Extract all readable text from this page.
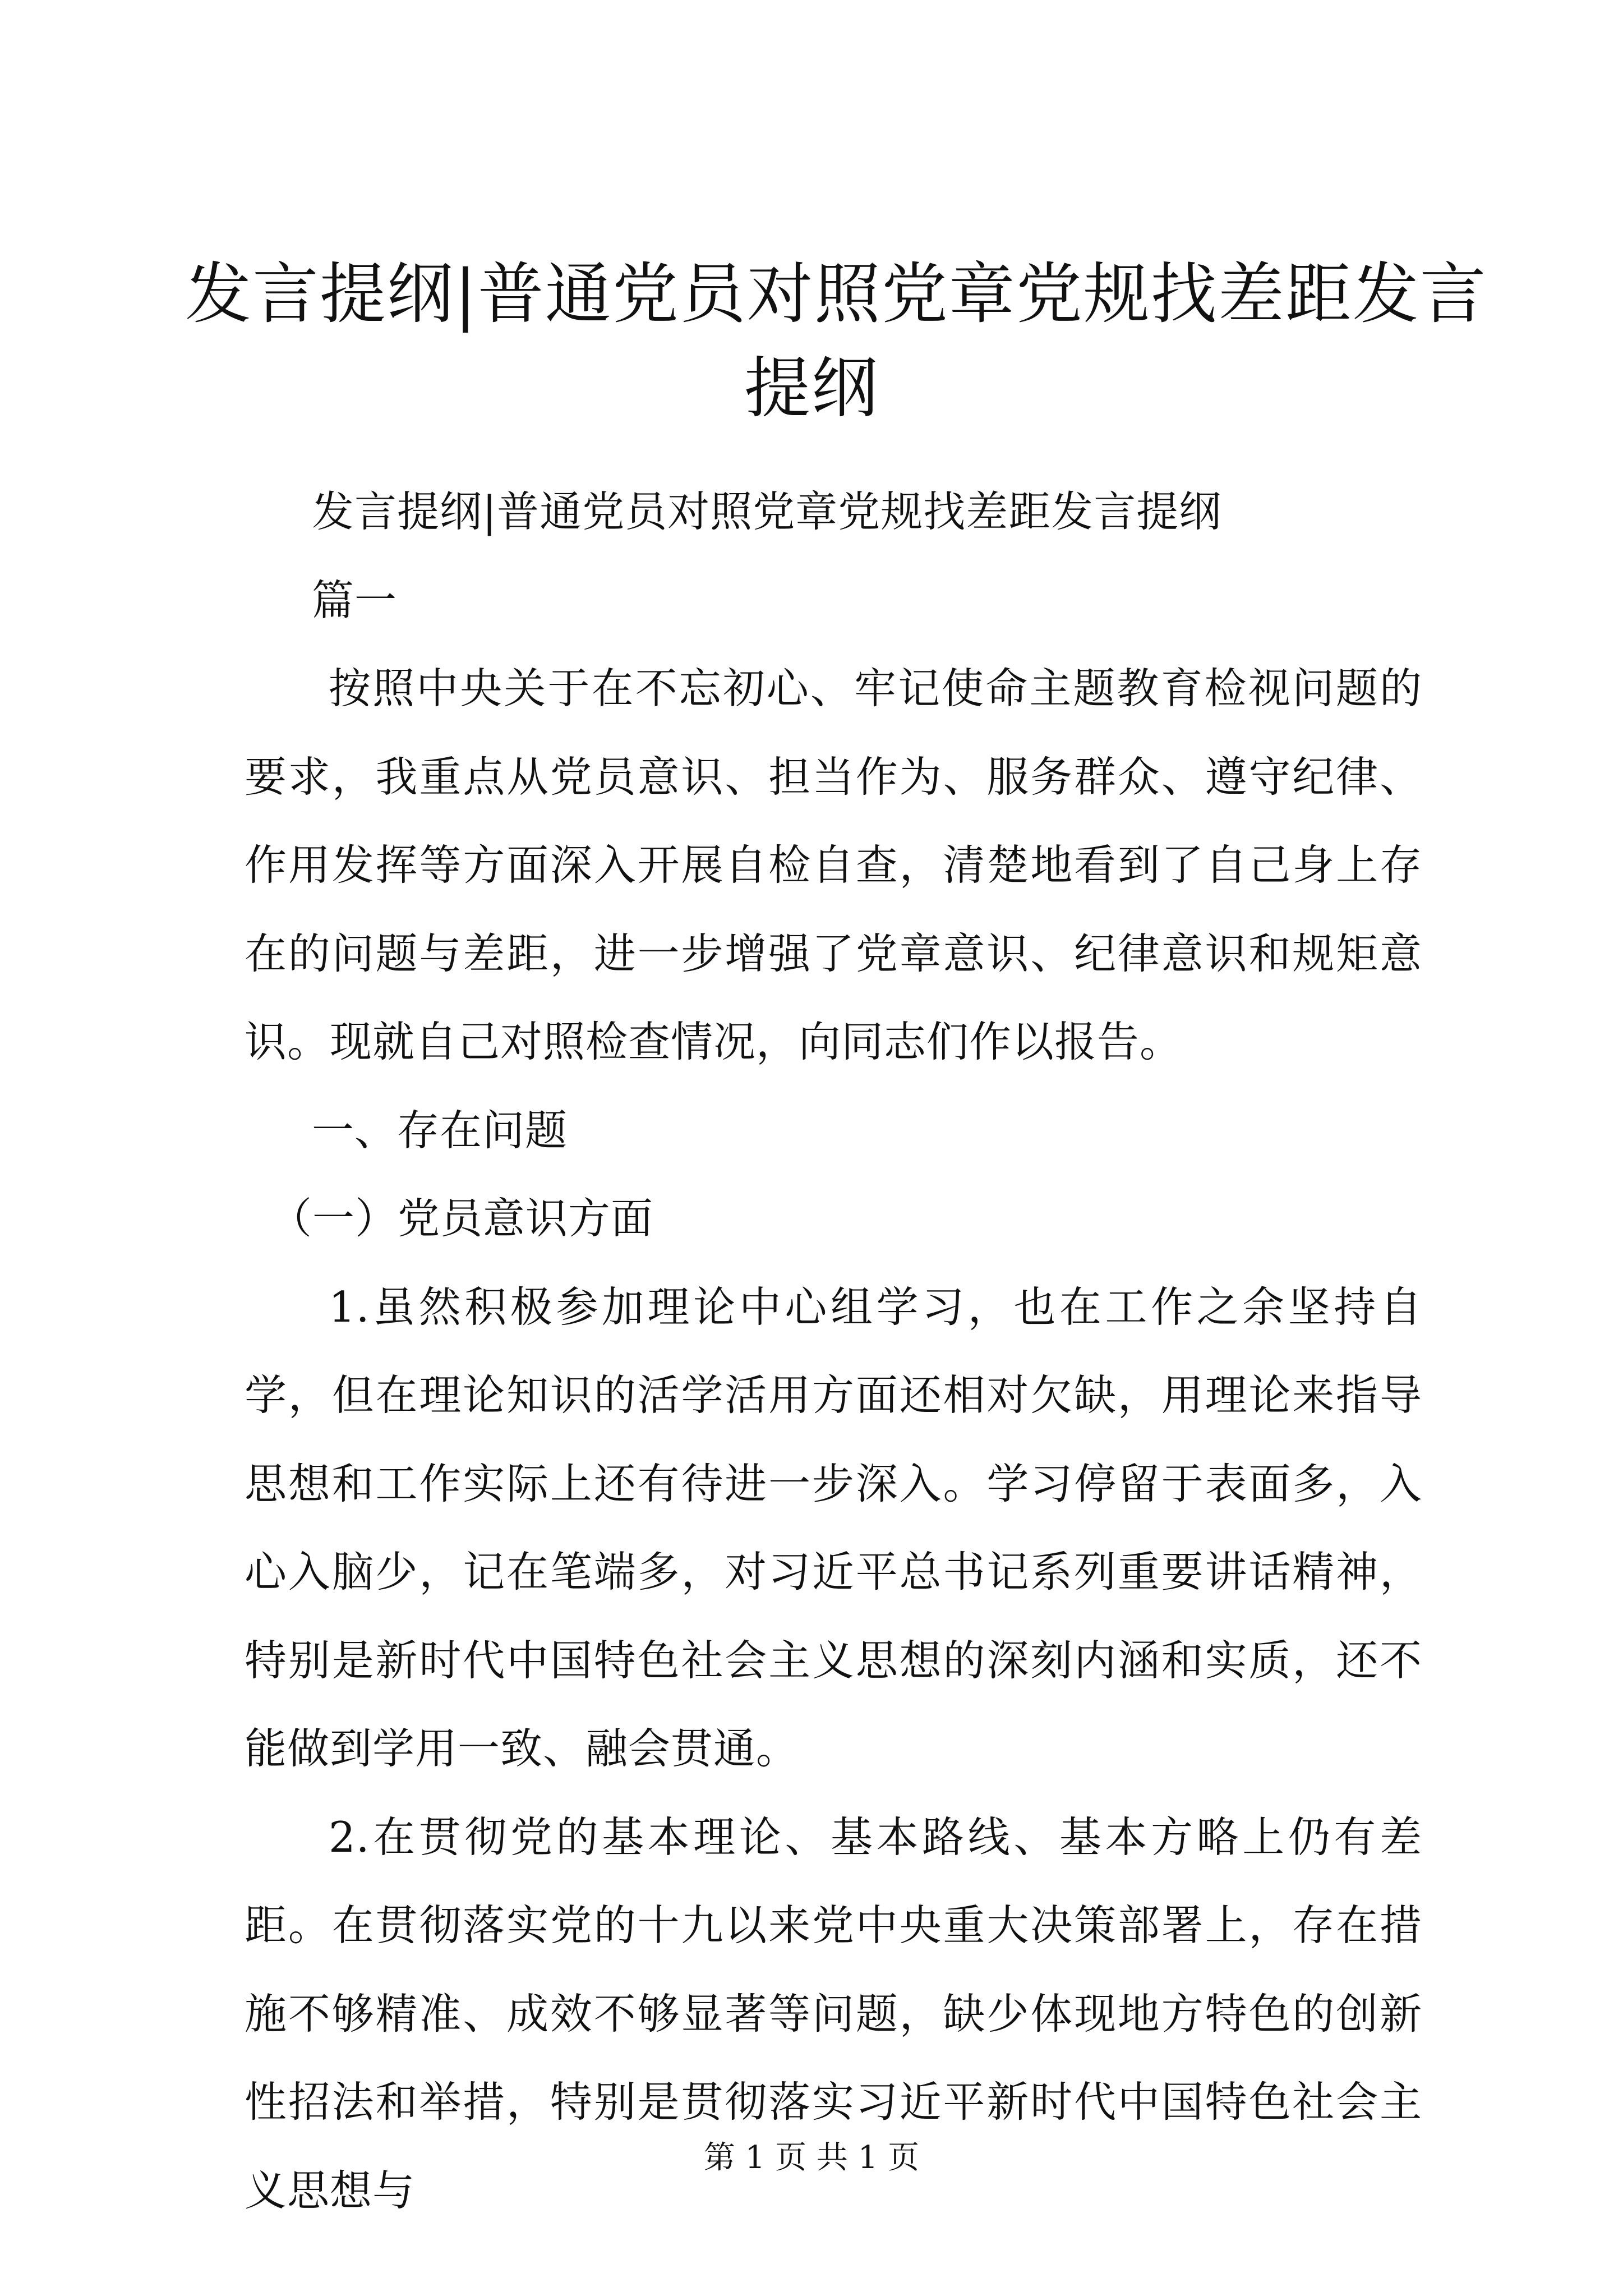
发言提纲|普通党员对照党章党规找差距发言
提纲

发言提纲|普通党员对照党章党规找差距发言提纲

篇一

按照中央关于在不忘初心、牢记使命主题教育检视问题的要求，我重点从党员意识、担当作为、服务群众、遵守纪律、作用发挥等方面深入开展自检自查，清楚地看到了自己身上存在的问题与差距，进一步增强了党章意识、纪律意识和规矩意识。现就自己对照检查情况，向同志们作以报告。

一、存在问题

（一）党员意识方面

1.虽然积极参加理论中心组学习，也在工作之余坚持自学，但在理论知识的活学活用方面还相对欠缺，用理论来指导思想和工作实际上还有待进一步深入。学习停留于表面多，入心入脑少，记在笔端多，对习近平总书记系列重要讲话精神，特别是新时代中国特色社会主义思想的深刻内涵和实质，还不能做到学用一致、融会贯通。

2.在贯彻党的基本理论、基本路线、基本方略上仍有差距。在贯彻落实党的十九以来党中央重大决策部署上，存在措施不够精准、成效不够显著等问题，缺少体现地方特色的创新性招法和举措，特别是贯彻落实习近平新时代中国特色社会主义思想与

第 1 页 共 1 页
